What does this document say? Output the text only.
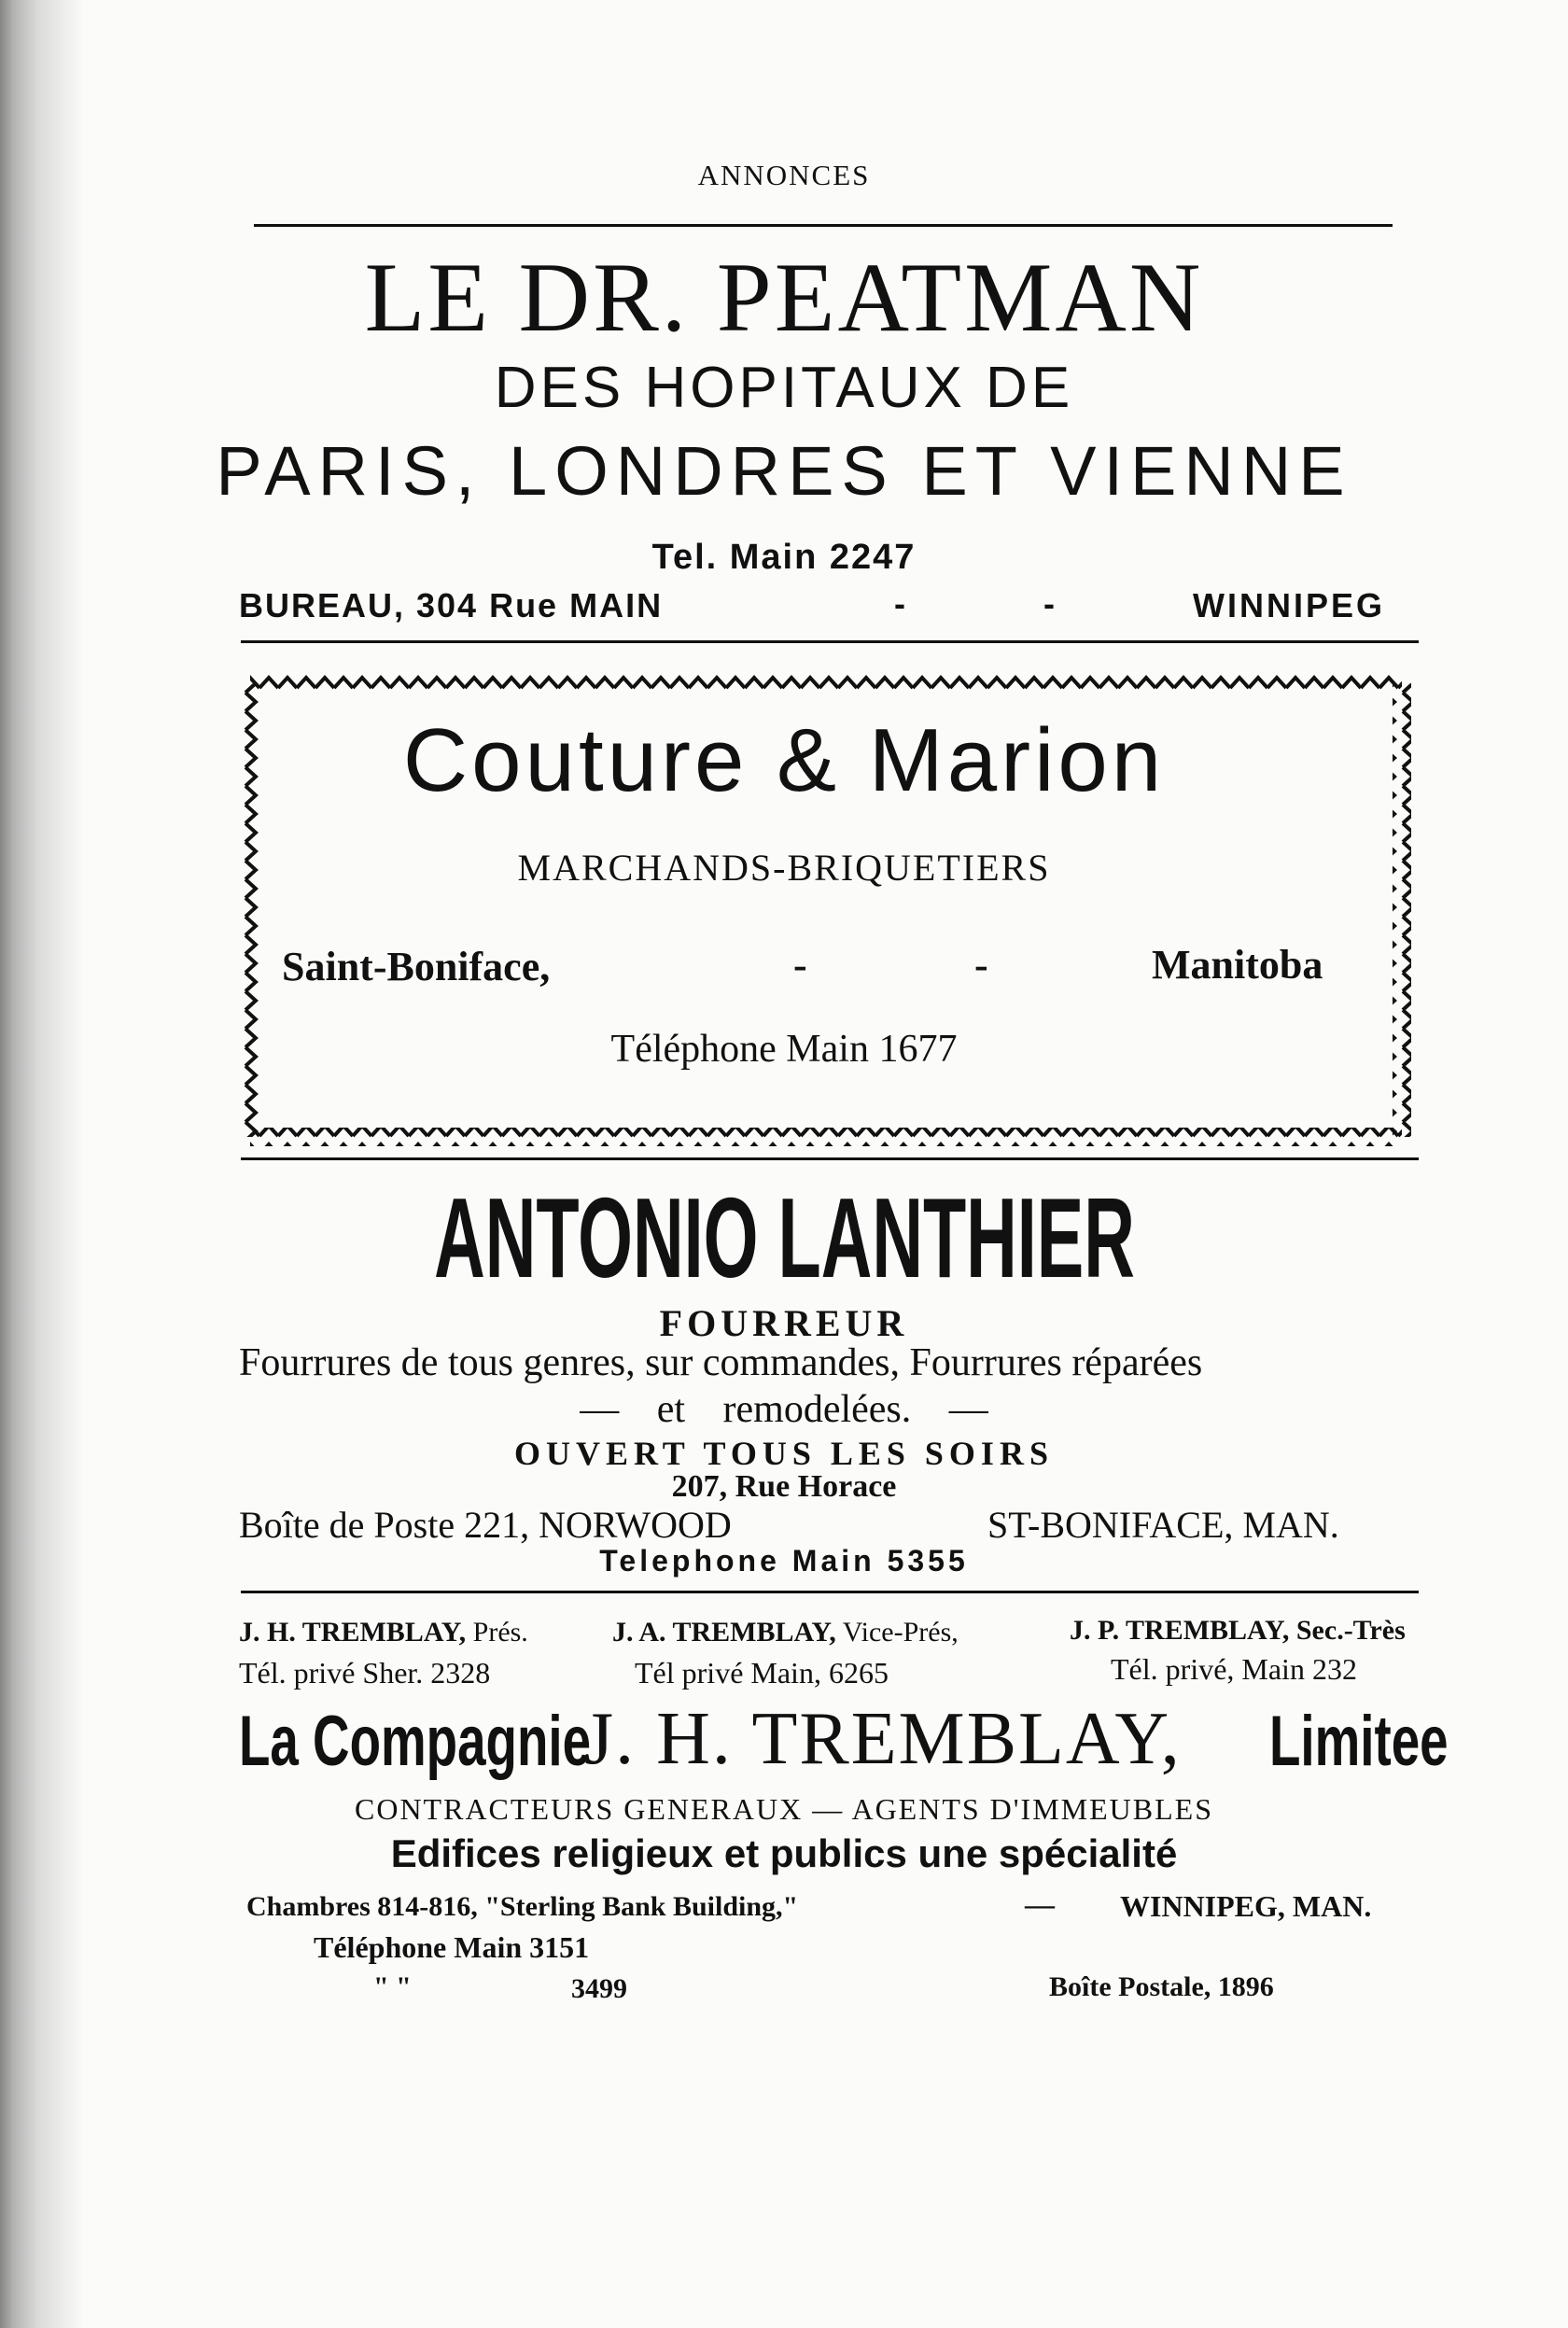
ANNONCES
LE DR. PEATMAN
DES HOPITAUX DE
PARIS, LONDRES ET VIENNE
Tel. Main 2247
BUREAU, 304 Rue MAIN	-	-	WINNIPEG
Couture & Marion
MARCHANDS-BRIQUETIERS
Saint-Boniface,	-	-	Manitoba
Téléphone Main 1677
ANTONIO LANTHIER
FOURREUR
Fourrures de tous genres, sur commandes, Fourrures réparées
— et remodelées. —
OUVERT TOUS LES SOIRS
207, Rue Horace
Boîte de Poste 221, NORWOOD	ST-BONIFACE, MAN.
Telephone Main 5355
J. H. TREMBLAY, Prés.	J. A. TREMBLAY, Vice-Prés,	J. P. TREMBLAY, Sec.-Très
Tél. privé Sher. 2328	Tél privé Main, 6265	Tél. privé, Main 232
La Compagnie
J. H. TREMBLAY, Limitee
CONTRACTEURS GENERAUX — AGENTS D'IMMEUBLES
Edifices religieux et publics une spécialité
Chambres 814-816, "Sterling Bank Building,"	— WINNIPEG, MAN.
Téléphone Main 3151
" "	3499	Boîte Postale, 1896
